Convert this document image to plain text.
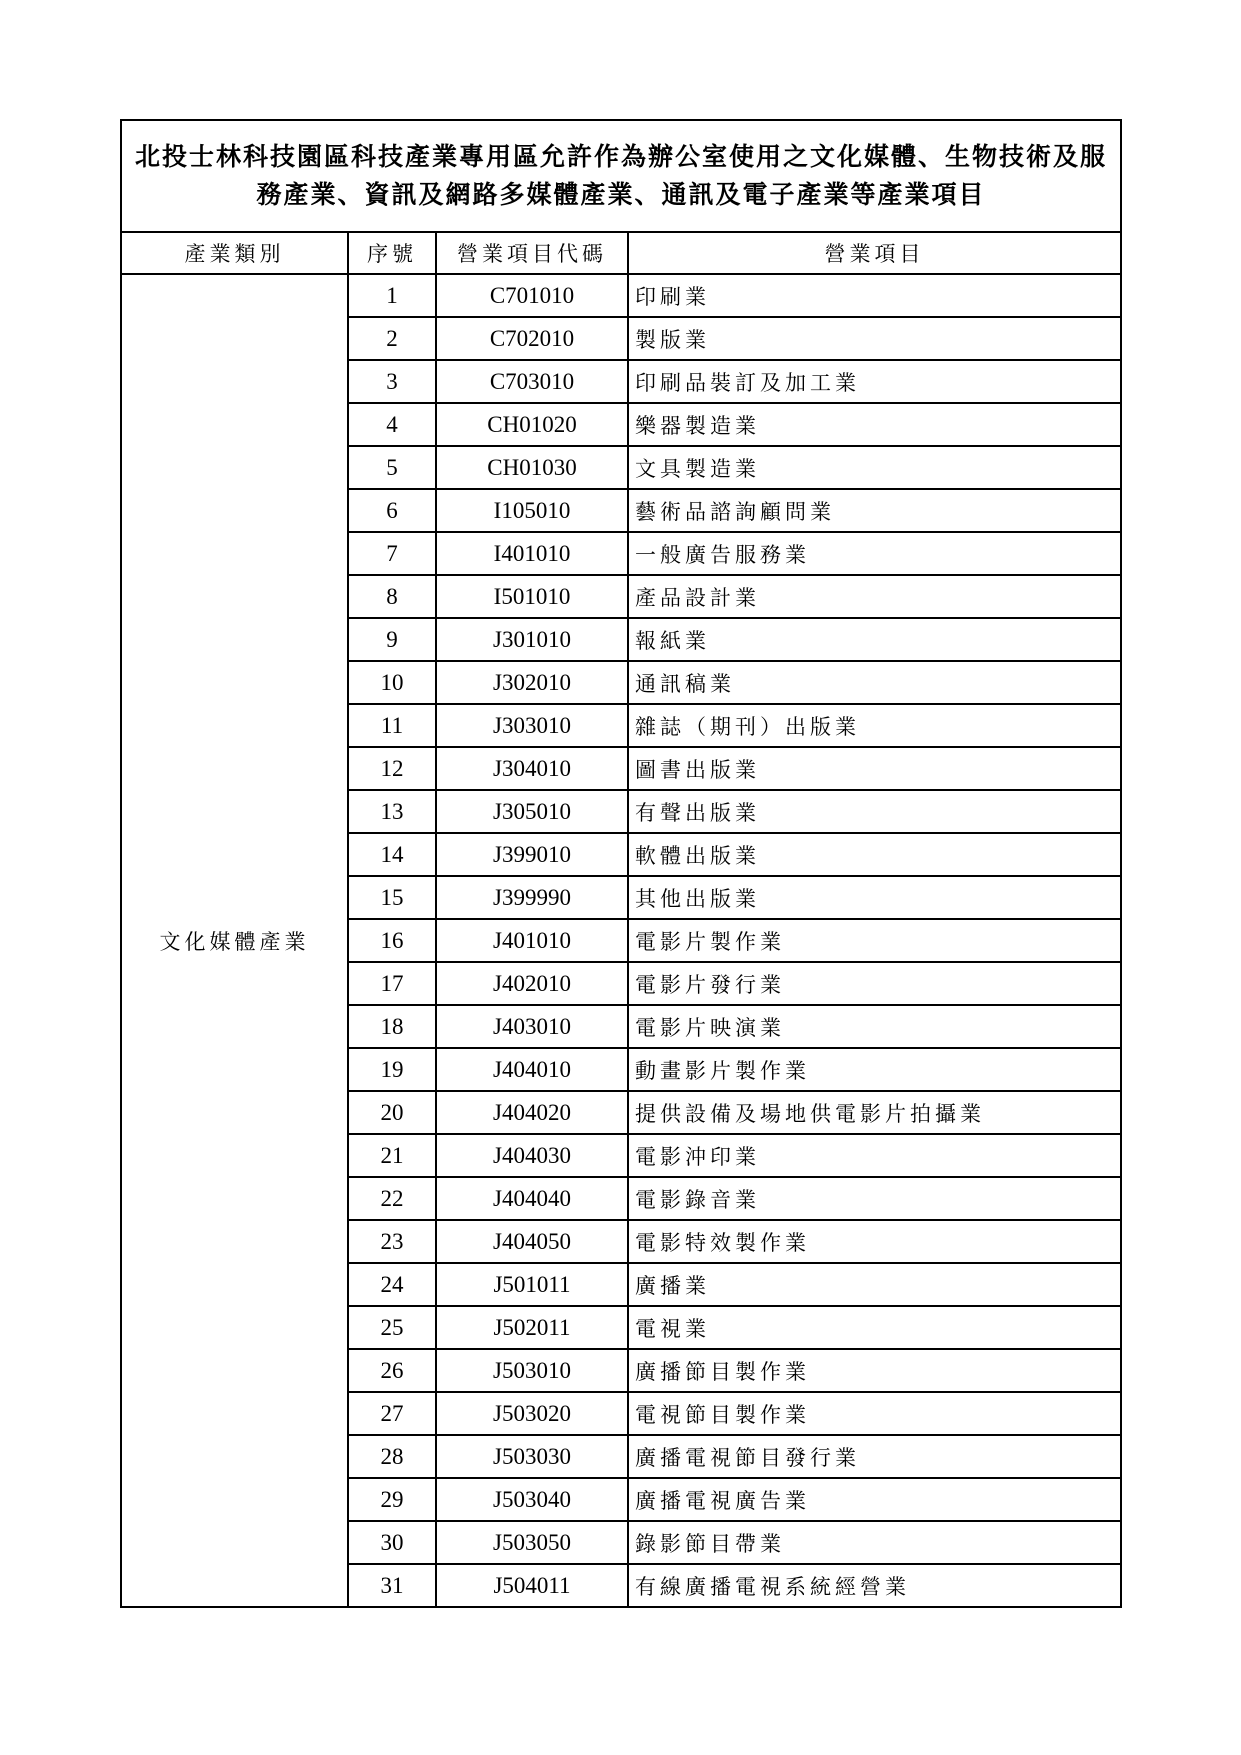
北投士林科技園區科技產業專用區允許作為辦公室使用之文化媒體、生物技術及服務產業、資訊及網路多媒體產業、通訊及電子產業等產業項目			
產業類別	序號	營業項目代碼	營業項目
文化媒體產業	1	C701010	印刷業
	2	C702010	製版業
	3	C703010	印刷品裝訂及加工業
	4	CH01020	樂器製造業
	5	CH01030	文具製造業
	6	I105010	藝術品諮詢顧問業
	7	I401010	一般廣告服務業
	8	I501010	產品設計業
	9	J301010	報紙業
	10	J302010	通訊稿業
	11	J303010	雜誌（期刊）出版業
	12	J304010	圖書出版業
	13	J305010	有聲出版業
	14	J399010	軟體出版業
	15	J399990	其他出版業
	16	J401010	電影片製作業
	17	J402010	電影片發行業
	18	J403010	電影片映演業
	19	J404010	動畫影片製作業
	20	J404020	提供設備及場地供電影片拍攝業
	21	J404030	電影沖印業
	22	J404040	電影錄音業
	23	J404050	電影特效製作業
	24	J501011	廣播業
	25	J502011	電視業
	26	J503010	廣播節目製作業
	27	J503020	電視節目製作業
	28	J503030	廣播電視節目發行業
	29	J503040	廣播電視廣告業
	30	J503050	錄影節目帶業
	31	J504011	有線廣播電視系統經營業
